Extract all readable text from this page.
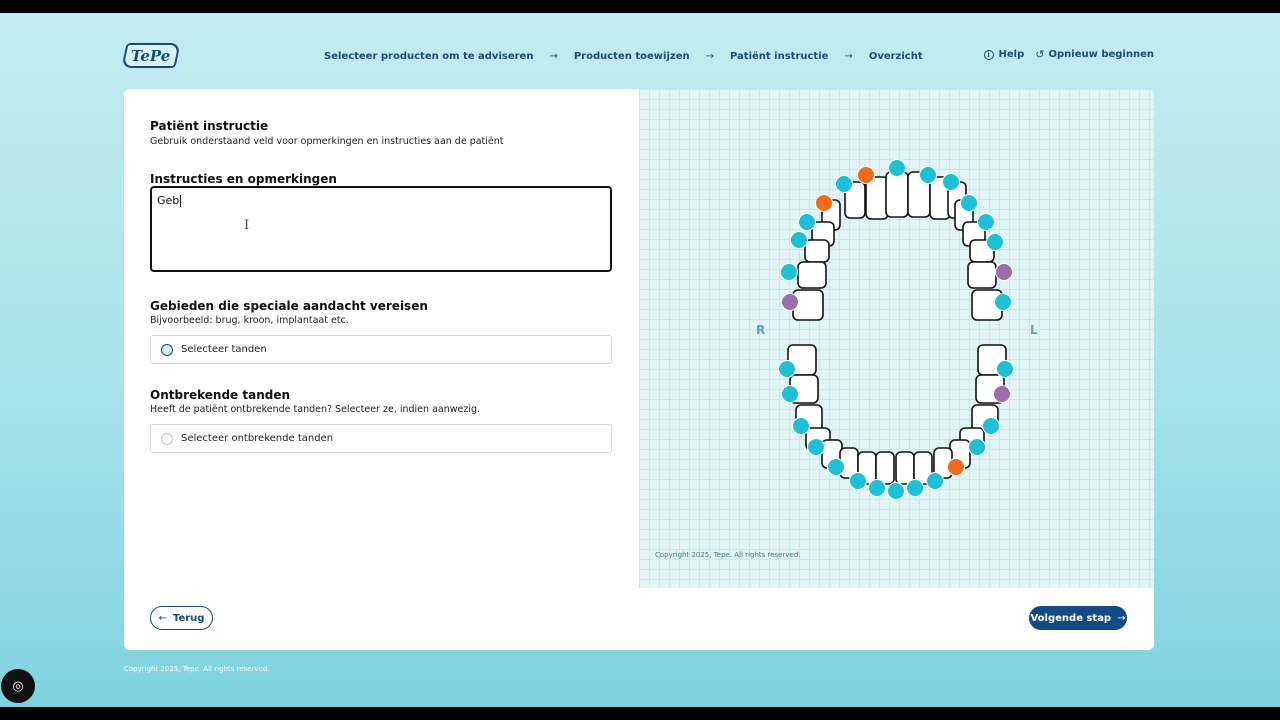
TePe	Selecteer producten om te adviseren → Producten toewijzen → Patiënt instructie → Overzicht	i Help ↺ Opnieuw beginnen
Patiënt instructie
Gebruik onderstaand veld voor opmerkingen en instructies aan de patiënt
Instructies en opmerkingen
Geb
I
Gebieden die speciale aandacht vereisen
Bijvoorbeeld: brug, kroon, implantaat etc.
Selecteer tanden
Ontbrekende tanden
Heeft de patiënt ontbrekende tanden? Selecteer ze, indien aanwezig.
Selecteer ontbrekende tanden
R	L
Copyright 2025, Tepe. All rights reserved.
← Terug	Volgende stap →
Copyright 2025, Tepe. All rights reserved.
◎
